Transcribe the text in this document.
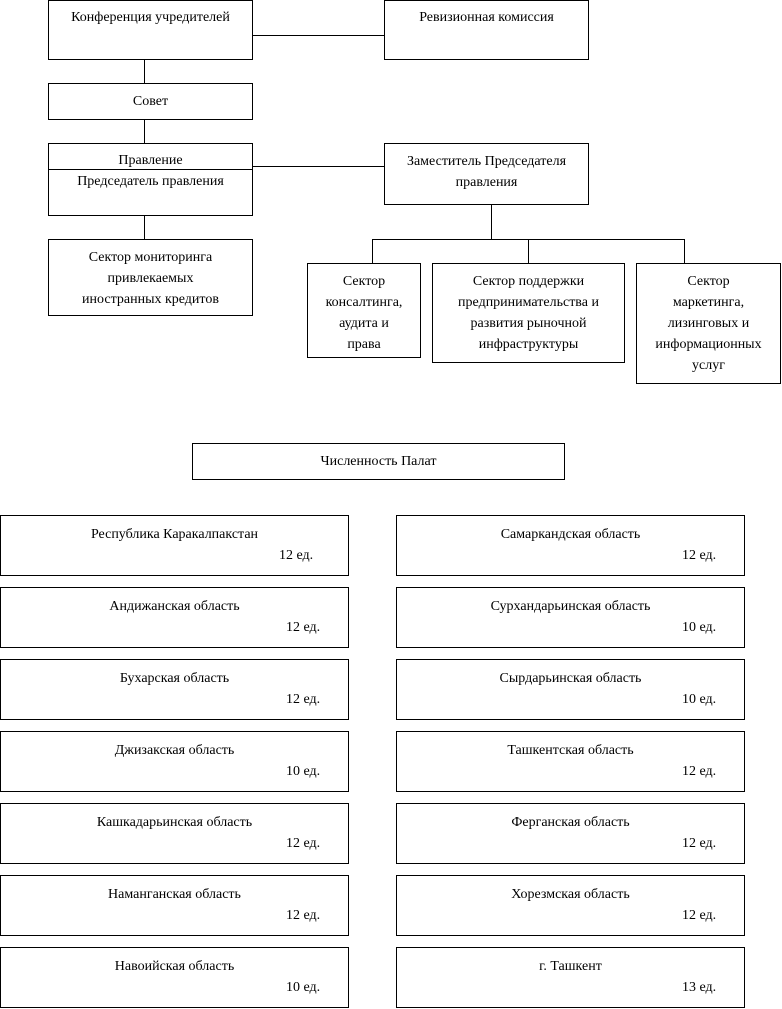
Конференция учредителей	Ревизионная комиссия
Совет
Правление
Председатель правления
Заместитель Председателя
правления
Сектор мониторинга
привлекаемых
иностранных кредитов
Сектор
консалтинга,
аудита и
права
Сектор поддержки
предпринимательства и
развития рыночной
инфраструктуры
Сектор
маркетинга,
лизинговых и
информационных
услуг
Численность Палат
Республика Каракалпакстан
12 ед.
Андижанская область
12 ед.
Бухарская область
12 ед.
Джизакская область
10 ед.
Кашкадарьинская область
12 ед.
Наманганская область
12 ед.
Навоийская область
10 ед.
Самаркандская область
12 ед.
Сурхандарьинская область
10 ед.
Сырдарьинская область
10 ед.
Ташкентская область
12 ед.
Ферганская область
12 ед.
Хорезмская область
12 ед.
г. Ташкент
13 ед.
